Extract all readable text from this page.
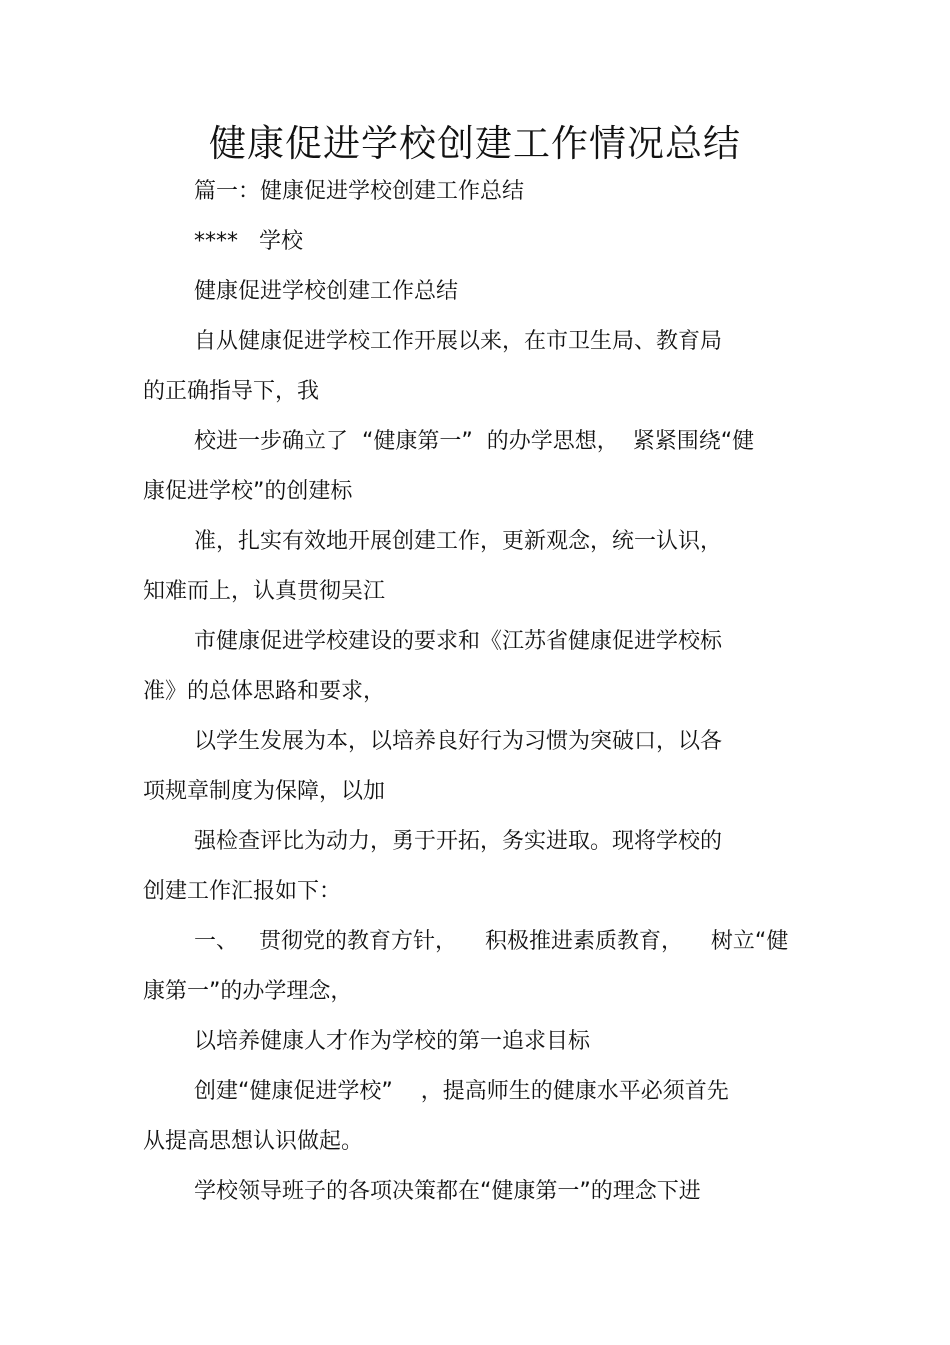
健康促进学校创建工作情况总结
篇一：健康促进学校创建工作总结
****   学校
健康促进学校创建工作总结
自从健康促进学校工作开展以来，在市卫生局、教育局
的正确指导下，我
校进一步确立了  “健康第一”  的办学思想，  紧紧围绕“健
康促进学校”的创建标
准，扎实有效地开展创建工作，更新观念，统一认识，
知难而上，认真贯彻吴江
市健康促进学校建设的要求和《江苏省健康促进学校标
准》的总体思路和要求，
以学生发展为本，以培养良好行为习惯为突破口，以各
项规章制度为保障，以加
强检查评比为动力，勇于开拓，务实进取。现将学校的
创建工作汇报如下：
一、   贯彻党的教育方针，    积极推进素质教育，    树立“健
康第一”的办学理念，
以培养健康人才作为学校的第一追求目标
创建“健康促进学校”    ，提高师生的健康水平必须首先
从提高思想认识做起。
学校领导班子的各项决策都在“健康第一”的理念下进
